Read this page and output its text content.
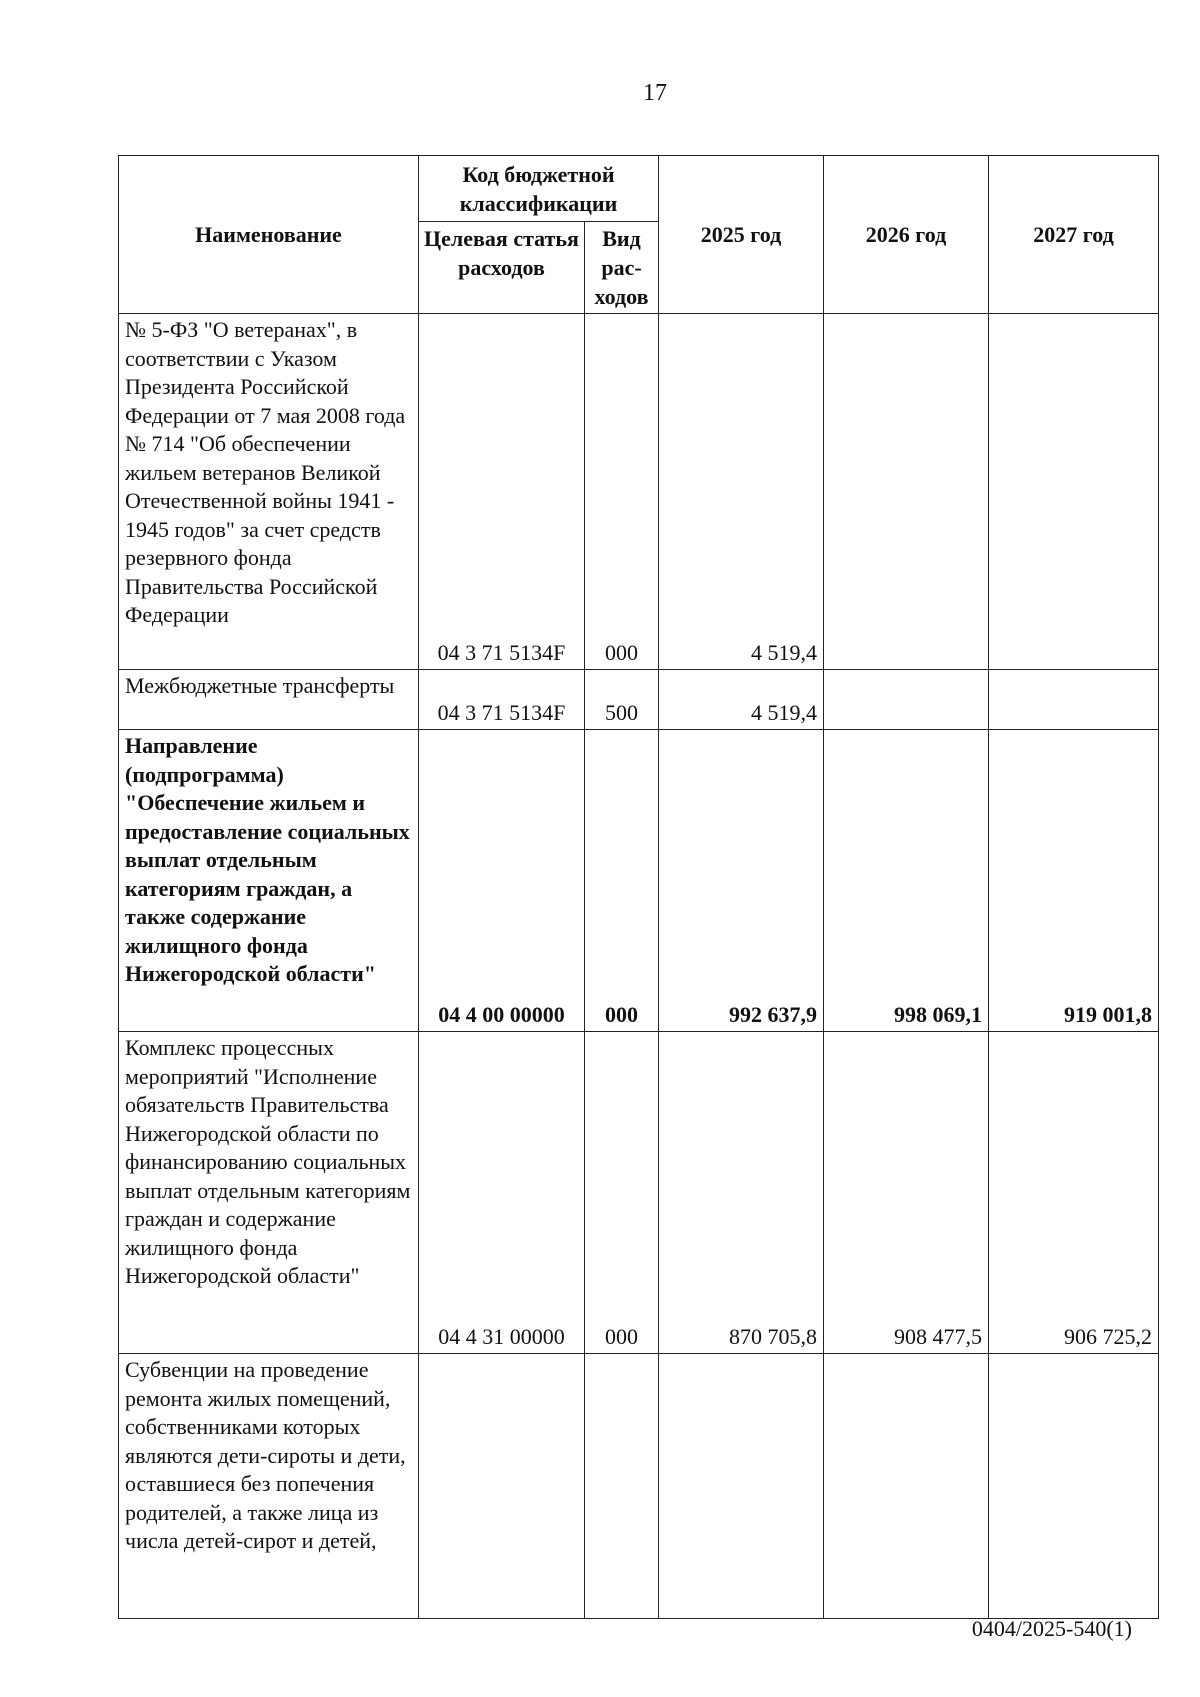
17
Наименование	Код бюджетной классификации		2025 год	2026 год	2027 год
	Целевая статья расходов	Вид рас-ходов			
№ 5-ФЗ "О ветеранах", в соответствии с Указом Президента Российской Федерации от 7 мая 2008 года № 714 "Об обеспечении жильем ветеранов Великой Отечественной войны 1941 - 1945 годов" за счет средств резервного фонда Правительства Российской Федерации	04 3 71 5134F	000	4 519,4		
Межбюджетные трансферты	04 3 71 5134F	500	4 519,4		
Направление (подпрограмма) "Обеспечение жильем и предоставление социальных выплат отдельным категориям граждан, а также содержание жилищного фонда Нижегородской области"	04 4 00 00000	000	992 637,9	998 069,1	919 001,8
Комплекс процессных мероприятий "Исполнение обязательств Правительства Нижегородской области по финансированию социальных выплат отдельным категориям граждан и содержание жилищного фонда Нижегородской области"	04 4 31 00000	000	870 705,8	908 477,5	906 725,2
Субвенции на проведение ремонта жилых помещений, собственниками которых являются дети-сироты и дети, оставшиеся без попечения родителей, а также лица из числа детей-сирот и детей,					
0404/2025-540(1)
